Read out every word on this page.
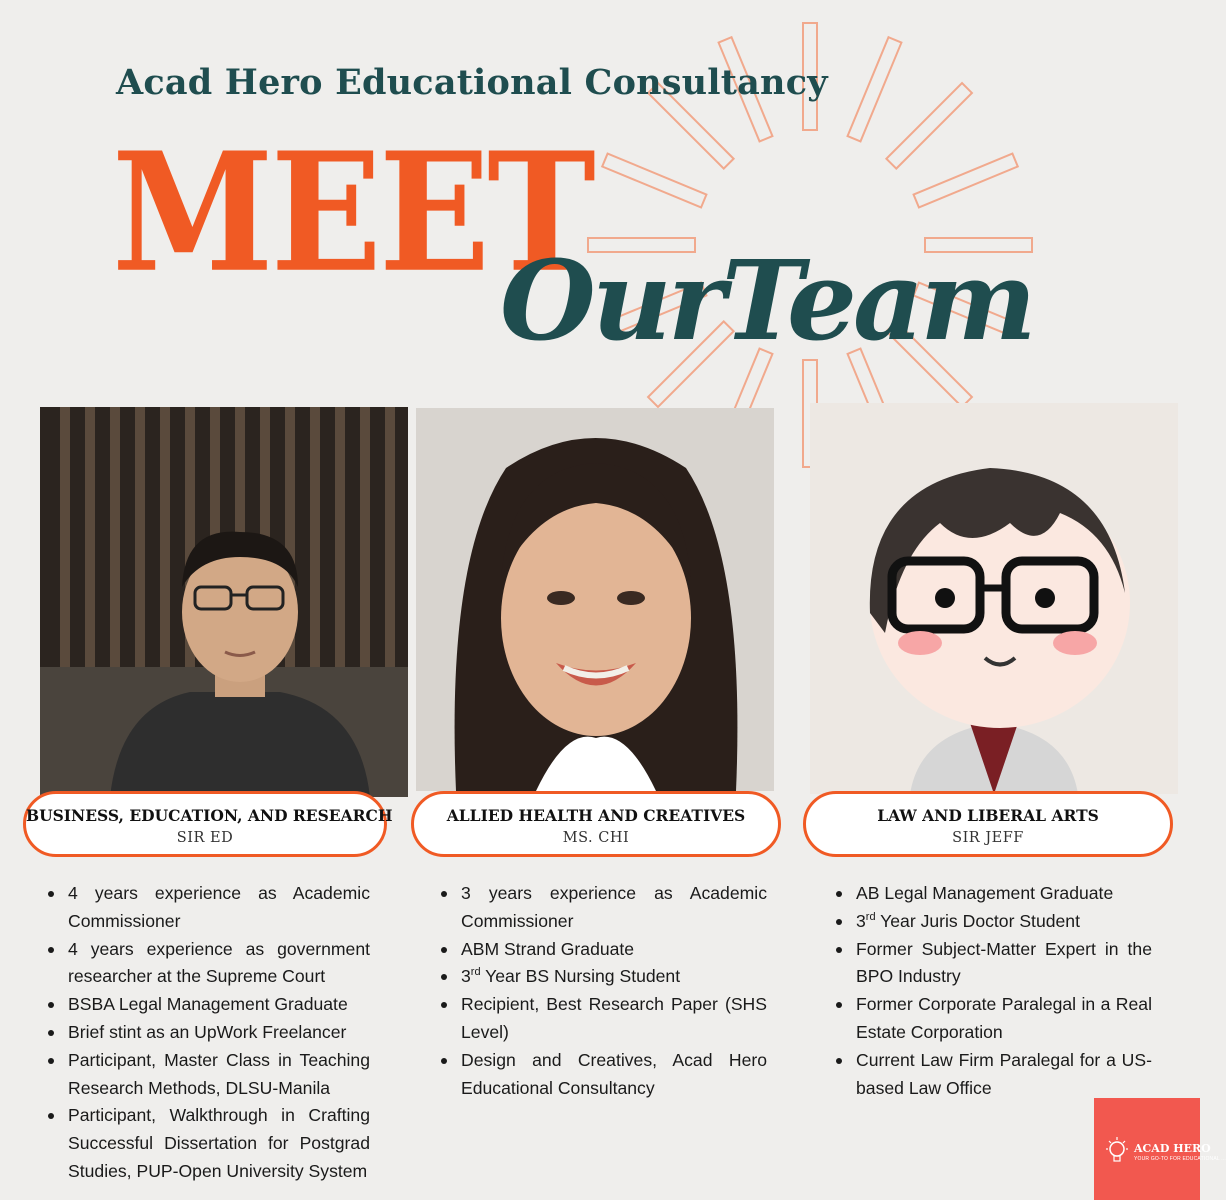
Acad Hero Educational Consultancy
MEET
OurTeam
BUSINESS, EDUCATION, AND RESEARCH
SIR ED
ALLIED HEALTH AND CREATIVES
MS. CHI
LAW AND LIBERAL ARTS
SIR JEFF
4 years experience as Academic Commissioner
4 years experience as government researcher at the Supreme Court
BSBA Legal Management Graduate
Brief stint as an UpWork Freelancer
Participant, Master Class in Teaching Research Methods, DLSU-Manila
Participant, Walkthrough in Crafting Successful Dissertation for Postgrad Studies, PUP-Open University System
3 years experience as Academic Commissioner
ABM Strand Graduate
3rd Year BS Nursing Student
Recipient, Best Research Paper (SHS Level)
Design and Creatives, Acad Hero Educational Consultancy
AB Legal Management Graduate
3rd Year Juris Doctor Student
Former Subject-Matter Expert in the BPO Industry
Former Corporate Paralegal in a Real Estate Corporation
Current Law Firm Paralegal for a US-based Law Office
ACAD HERO
YOUR GO-TO FOR EDUCATIONAL ...
